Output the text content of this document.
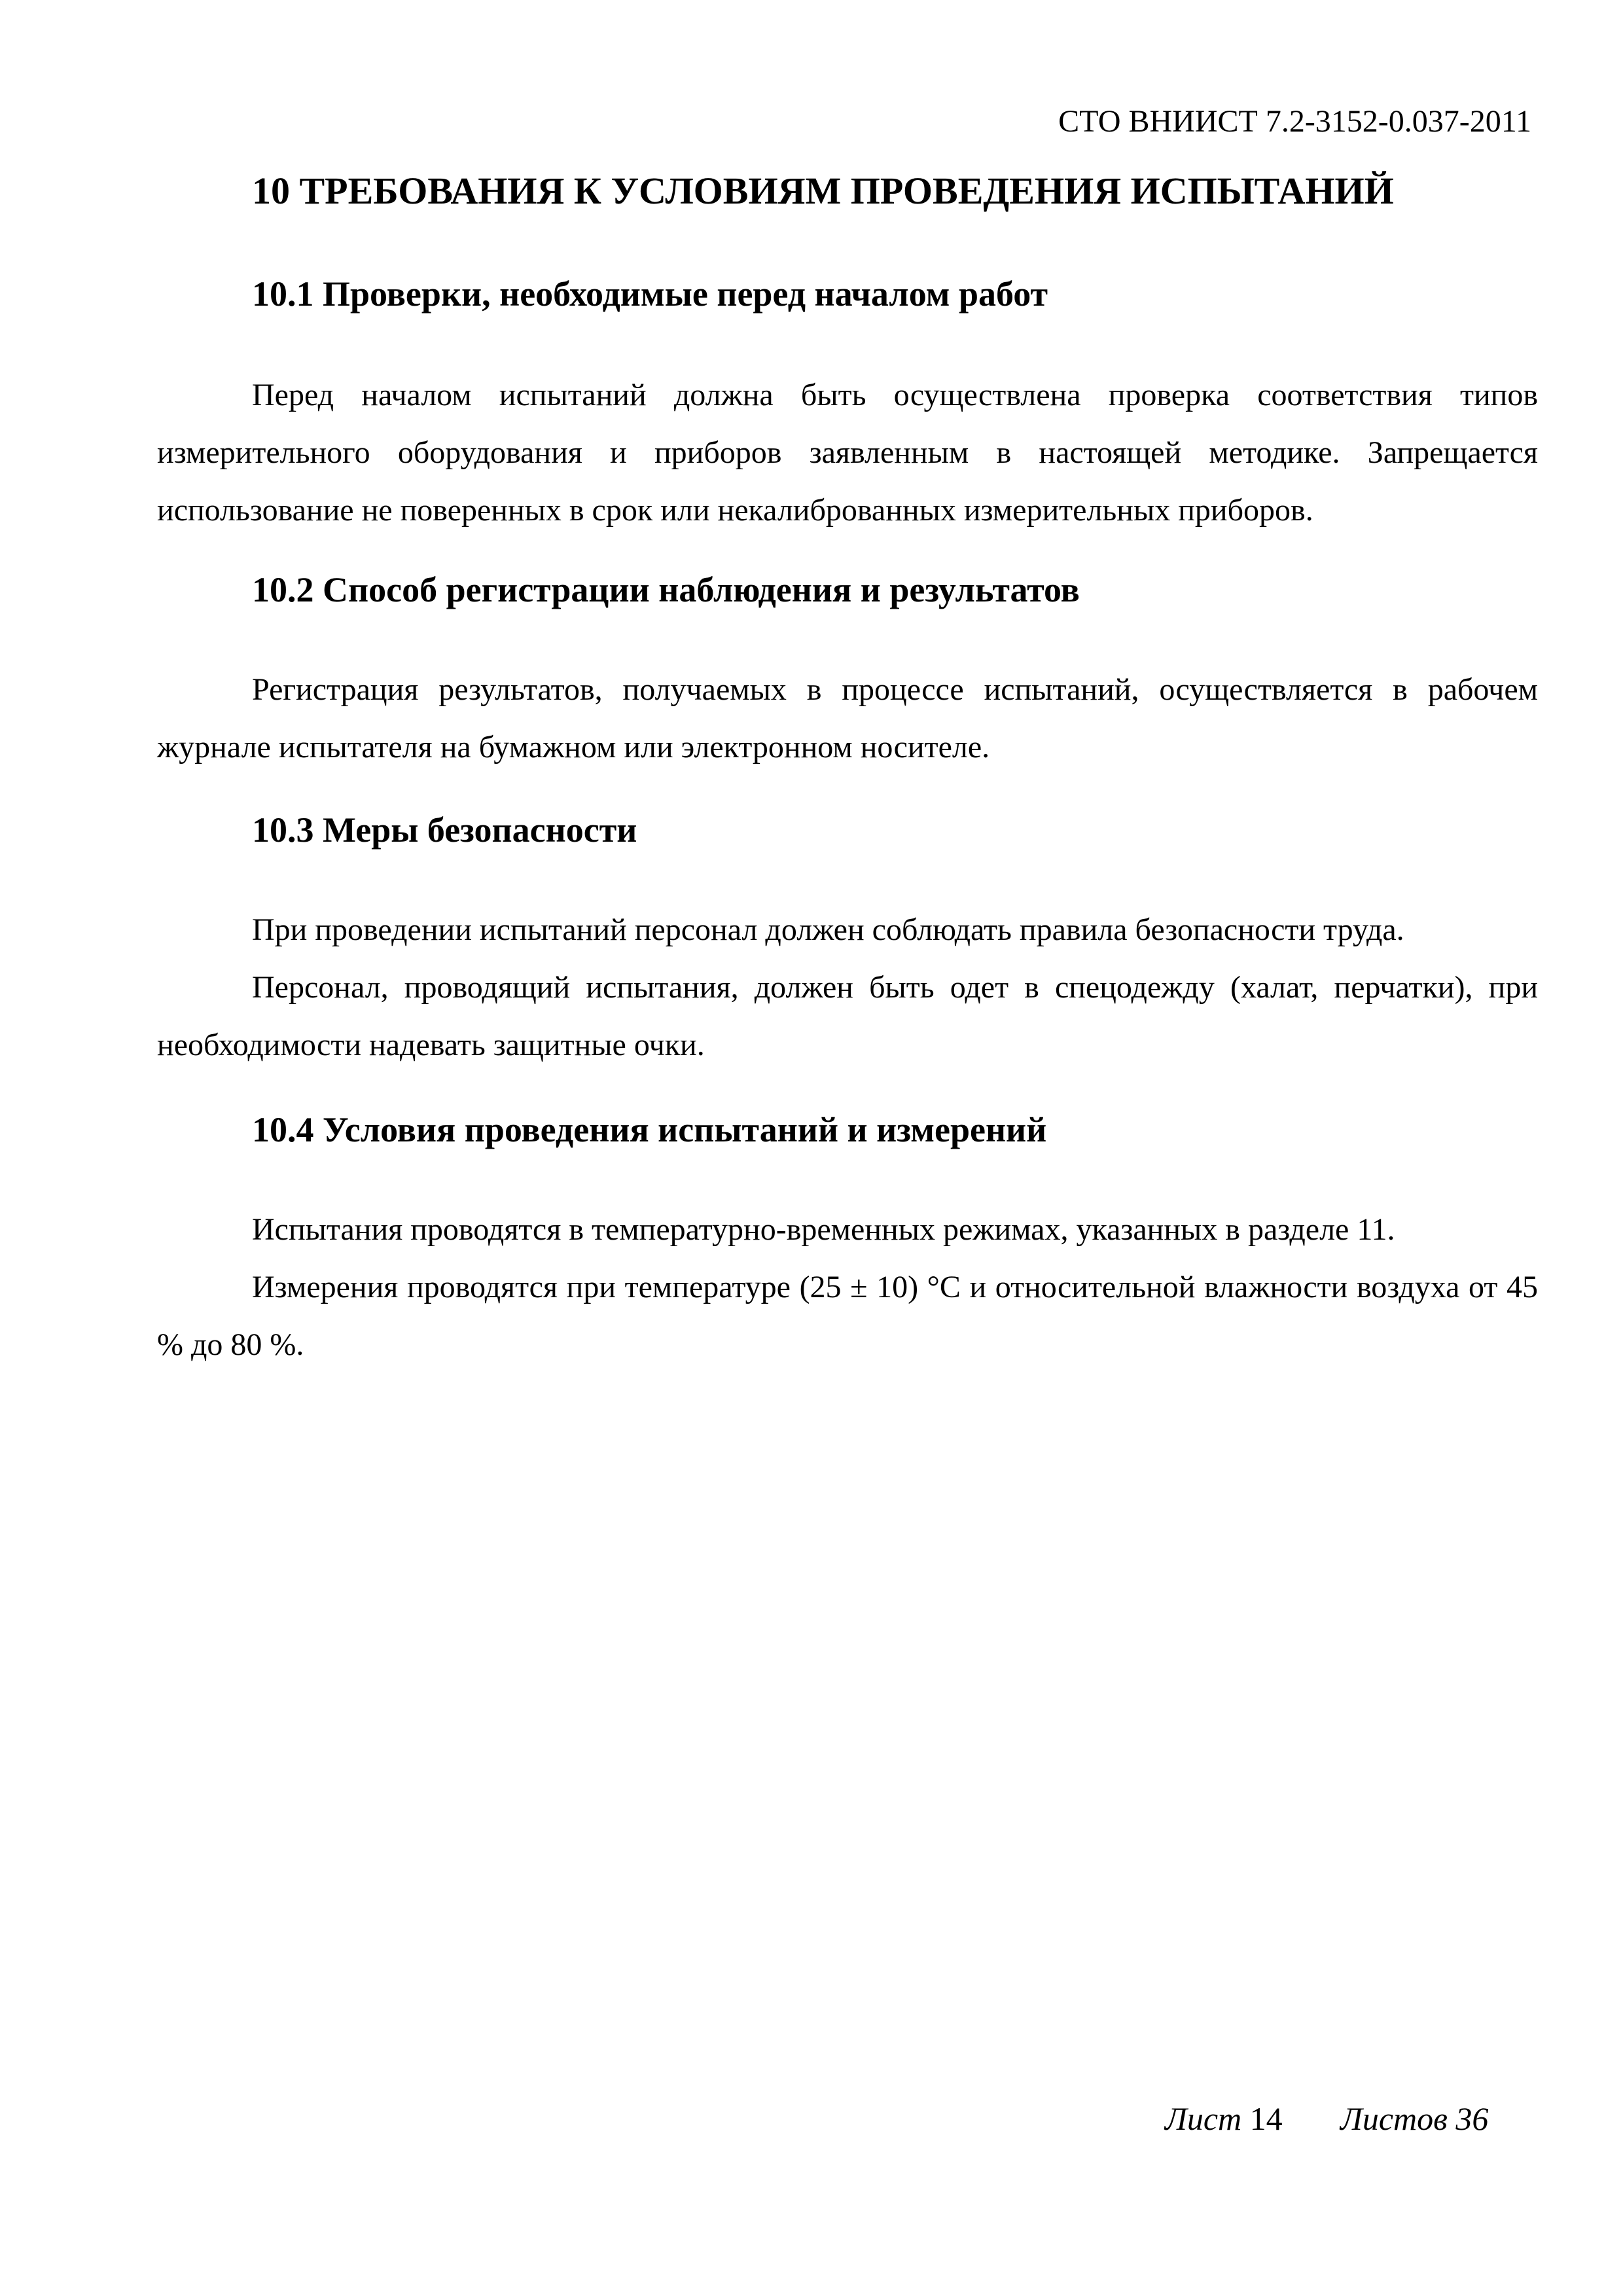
СТО ВНИИСТ 7.2-3152-0.037-2011
10 ТРЕБОВАНИЯ К УСЛОВИЯМ ПРОВЕДЕНИЯ ИСПЫТАНИЙ
10.1 Проверки, необходимые перед началом работ

Перед началом испытаний должна быть осуществлена проверка соответствия типов измерительного оборудования и приборов заявленным в настоящей методике. Запрещается использование не поверенных в срок или некалиброванных измерительных приборов.

10.2 Способ регистрации наблюдения и результатов

Регистрация результатов, получаемых в процессе испытаний, осуществляется в рабочем журнале испытателя на бумажном или электронном носителе.

10.3 Меры безопасности

При проведении испытаний персонал должен соблюдать правила безопасности труда.

Персонал, проводящий испытания, должен быть одет в спецодежду (халат, перчатки), при необходимости надевать защитные очки.

10.4 Условия проведения испытаний и измерений

Испытания проводятся в температурно-временных режимах, указанных в разделе 11.

Измерения проводятся при температуре (25 ± 10) °С и относительной влажности воздуха от 45 % до 80 %.

Лист 14 Листов 36
